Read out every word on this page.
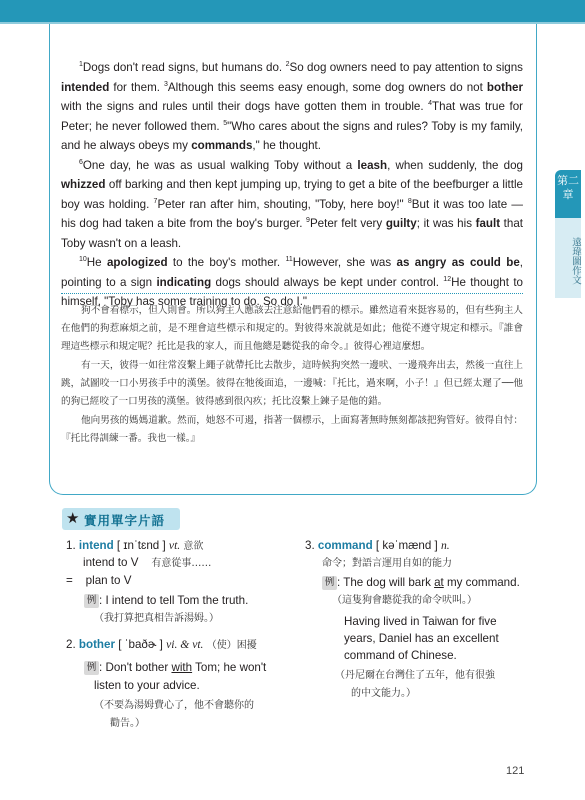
$^1$Dogs don't read signs, but humans do. $^2$So dog owners need to pay attention to signs intended for them. $^3$Although this seems easy enough, some dog owners do not bother with the signs and rules until their dogs have gotten them in trouble. $^4$That was true for Peter; he never followed them. $^5$"Who cares about the signs and rules? Toby is my family, and he always obeys my commands," he thought.

$^6$One day, he was as usual walking Toby without a leash, when suddenly, the dog whizzed off barking and then kept jumping up, trying to get a bite of the beefburger a little boy was holding. $^7$Peter ran after him, shouting, "Toby, here boy!" $^8$But it was too late — his dog had taken a bite from the boy's burger. $^9$Peter felt very guilty; it was his fault that Toby wasn't on a leash.

$^{10}$He apologized to the boy's mother. $^{11}$However, she was as angry as could be, pointing to a sign indicating dogs should always be kept under control. $^{12}$He thought to himself, "Toby has some training to do. So do I."

狗不會看標示，但人則會。所以狗主人應該去注意給他們看的標示。雖然這看來挺容易的，但有些狗主人在他們的狗惹麻煩之前，是不理會這些標示和規定的。對彼得來說就是如此；他從不遵守規定和標示。『誰會理這些標示和規定呢？托比是我的家人，而且他總是聽從我的命令。』彼得心裡這麼想。

有一天，彼得一如往常沒繫上繩子就帶托比去散步，這時候狗突然一邊吠、一邊飛奔出去，然後一直往上跳，試圖咬一口小男孩手中的漢堡。彼得在牠後面追，一邊喊：『托比，過來啊，小子！』但已經太遲了──他的狗已經咬了一口男孩的漢堡。彼得感到很內疚；托比沒繫上鍊子是他的錯。

他向男孩的媽媽道歉。然而，她怒不可遏，指著一個標示，上面寫著無時無刻都該把狗管好。彼得自忖：『托比得訓練一番。我也一樣。』

第二章
遠瑋圖作文
★ 實用單字片語
1. intend [ ɪnˈtɛnd ] vt. 意欲
intend to V 有意從事……
= plan to V
例 : I intend to tell Tom the truth.
（我打算把真相告訴湯姆。）
2. bother [ ˈbaðɚ ] vi. & vt. （使）困擾
例 : Don't bother with Tom; he won't
listen to your advice.
（不要為湯姆費心了，他不會聽你的
勸告。）
3. command [ kəˈmænd ] n.
命令；對語言運用自如的能力
例 : The dog will bark at my command.
（這隻狗會聽從我的命令吠叫。）
Having lived in Taiwan for five
years, Daniel has an excellent
command of Chinese.
（丹尼爾在台灣住了五年，他有很強
的中文能力。）
121
